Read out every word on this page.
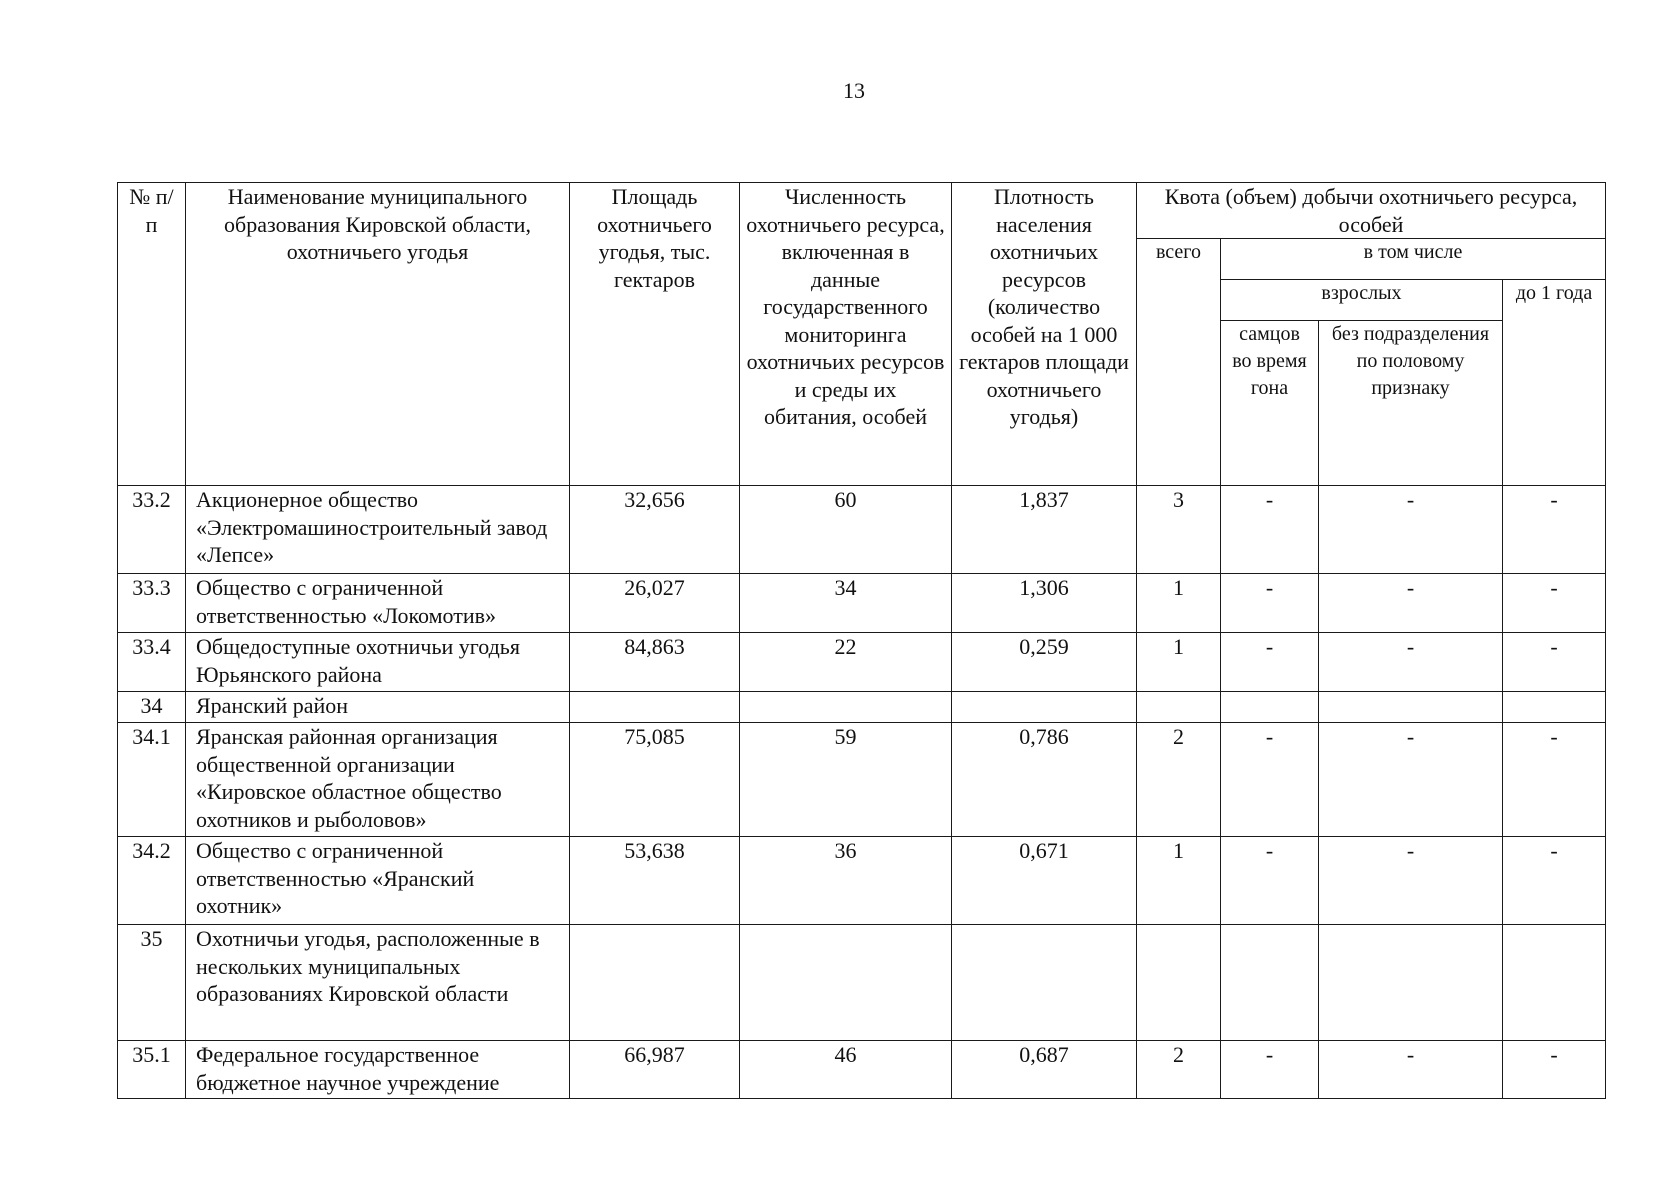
13
№ п/п	Наименование муниципального образования Кировской области, охотничьего угодья	Площадь охотничьего угодья, тыс. гектаров	Численность охотничьего ресурса, включенная в данные государственного мониторинга охотничьих ресурсов и среды их обитания, особей	Плотность населения охотничьих ресурсов (количество особей на 1 000 гектаров площади охотничьего угодья)	Квота (объем) добычи охотничьего ресурса, особей			
					всего	в том числе		
						взрослых		до 1 года
						самцов во время гона	без подразделения по половому признаку	
33.2	Акционерное общество «Электромашиностроительный завод «Лепсе»	32,656	60	1,837	3	-	-	-
33.3	Общество с ограниченной ответственностью «Локомотив»	26,027	34	1,306	1	-	-	-
33.4	Общедоступные охотничьи угодья Юрьянского района	84,863	22	0,259	1	-	-	-
34	Яранский район							
34.1	Яранская районная организация общественной организации «Кировское областное общество охотников и рыболовов»	75,085	59	0,786	2	-	-	-
34.2	Общество с ограниченной ответственностью «Яранский охотник»	53,638	36	0,671	1	-	-	-
35	Охотничьи угодья, расположенные в нескольких муниципальных образованиях Кировской области							
35.1	Федеральное государственное бюджетное научное учреждение	66,987	46	0,687	2	-	-	-
